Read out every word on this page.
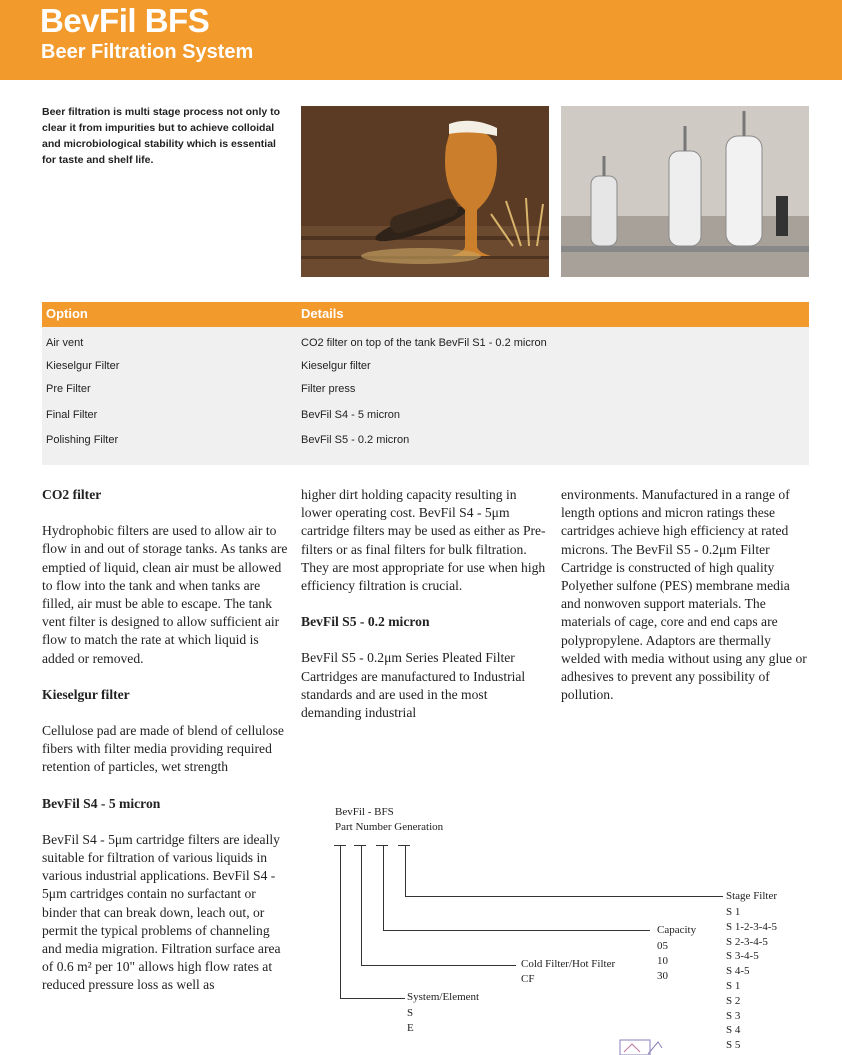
BevFil BFS
Beer Filtration System
Beer filtration is multi stage process not only to clear it from impurities but to achieve colloidal and microbiological stability which is essential for taste and shelf life.
Option	Details
Air vent	CO2 filter on top of the tank BevFil S1 - 0.2 micron
Kieselgur Filter	Kieselgur filter
Pre Filter	Filter press
Final Filter	BevFil S4 - 5 micron
Polishing Filter	BevFil S5 - 0.2 micron
CO2 filter

Hydrophobic filters are used to allow air to flow in and out of storage tanks. As tanks are emptied of liquid, clean air must be allowed to flow into the tank and when tanks are filled, air must be able to escape. The tank vent filter is designed to allow sufficient air flow to match the rate at which liquid is added or removed.

Kieselgur filter

Cellulose pad are made of blend of cellulose fibers with filter media providing required retention of particles, wet strength

BevFil S4 - 5 micron

BevFil S4 - 5μm cartridge filters are ideally suitable for filtration of various liquids in various industrial applications. BevFil S4 - 5μm cartridges contain no surfactant or binder that can break down, leach out, or permit the typical problems of channeling and media migration. Filtration surface area of 0.6 m² per 10" allows high flow rates at reduced pressure loss as well as

higher dirt holding capacity resulting in lower operating cost. BevFil S4 - 5μm cartridge filters may be used as either as Pre-filters or as final filters for bulk filtration. They are most appropriate for use when high efficiency filtration is crucial.

BevFil S5 - 0.2 micron

BevFil S5 - 0.2μm Series Pleated Filter Cartridges are manufactured to Industrial standards and are used in the most demanding industrial

environments. Manufactured in a range of length options and micron ratings these cartridges achieve high efficiency at rated microns. The BevFil S5 - 0.2μm Filter Cartridge is constructed of high quality Polyether sulfone (PES) membrane media and nonwoven support materials. The materials of cage, core and end caps are polypropylene. Adaptors are thermally welded with media without using any glue or adhesives to prevent any possibility of pollution.

BevFil - BFS
Part Number Generation
Stage Filter
S 1
S 1-2-3-4-5
S 2-3-4-5
S 3-4-5
S 4-5
S 1
S 2
S 3
S 4
S 5
Capacity
05
10
30
Cold Filter/Hot Filter
CF
System/Element
S
E
